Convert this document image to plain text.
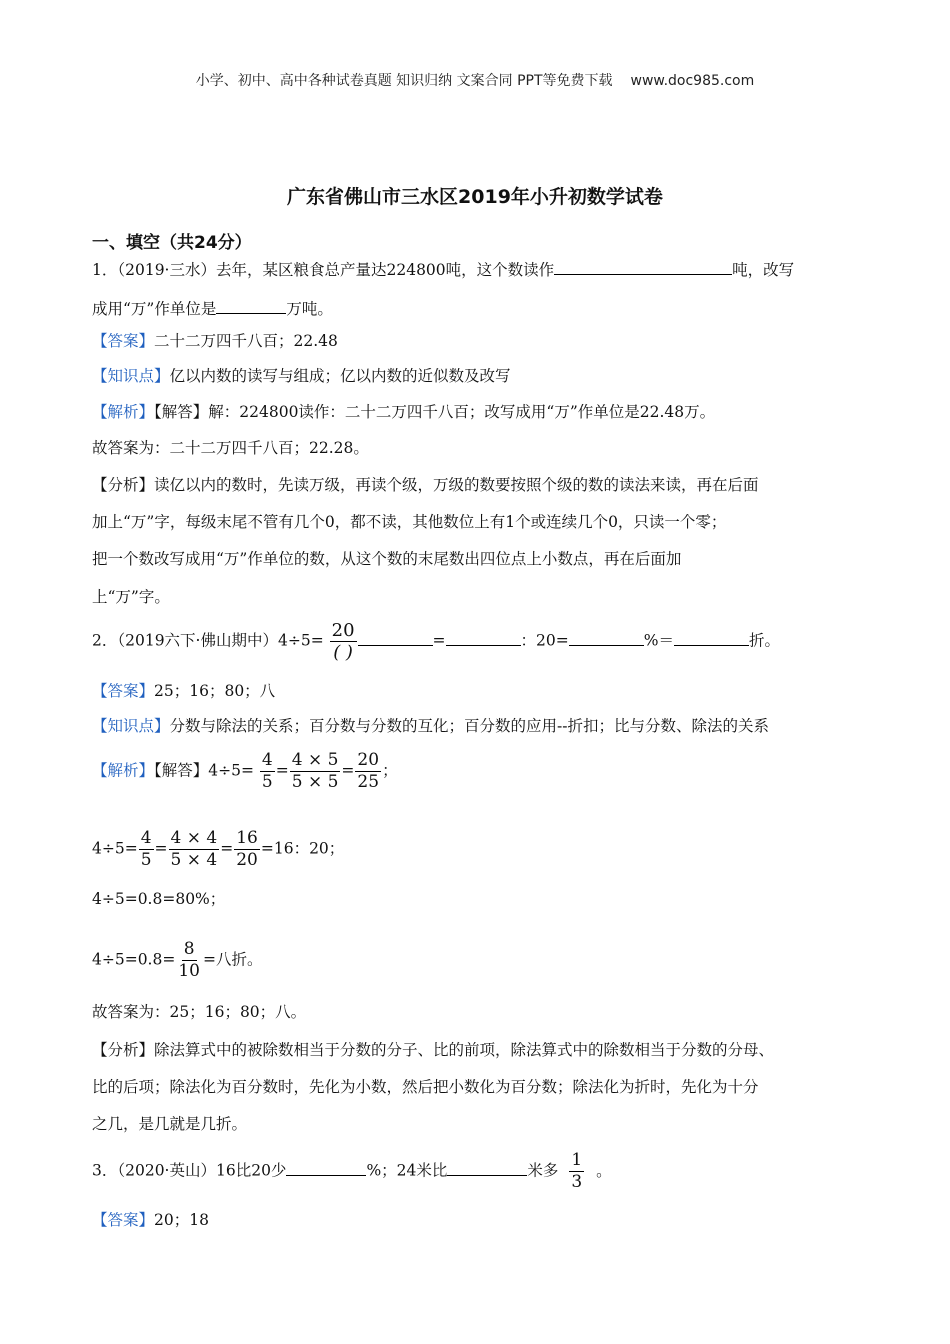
小学、初中、高中各种试卷真题 知识归纳 文案合同 PPT等免费下载 www.doc985.com
广东省佛山市三水区2019年小升初数学试卷
一、填空（共24分）
1．（2019·三水）去年，某区粮食总产量达224800吨，这个数读作	吨，改写
成用“万”作单位是	万吨。
【答案】二十二万四千八百；22.48
【知识点】亿以内数的读写与组成；亿以内数的近似数及改写
【解析】【解答】解：224800读作：二十二万四千八百；改写成用“万”作单位是22.48万。
故答案为：二十二万四千八百；22.28。
【分析】读亿以内的数时，先读万级，再读个级，万级的数要按照个级的数的读法来读，再在后面
加上“万”字，每级末尾不管有几个0，都不读，其他数位上有1个或连续几个0，只读一个零；
把一个数改写成用“万”作单位的数，从这个数的末尾数出四位点上小数点，再在后面加
上“万”字。
2．（2019六下·佛山期中）$4\div 5= \frac{20}{( )}$	=	：20=	%＝	折。
【答案】25；16；80；八
【知识点】分数与除法的关系；百分数与分数的互化；百分数的应用--折扣；比与分数、除法的关系
【解析】【解答】$4\div 5= \frac{4}{5} = \frac{4 \times 5}{5 \times 5} = \frac{20}{25}$ ；
$4\div 5= \frac{4}{5} = \frac{4 \times 4}{5 \times 4} = \frac{16}{20} =16$：20；
4÷5=0.8=80%；
$4\div 5=0.8= \frac{8}{10}$ =八折。
故答案为：25；16；80；八。
【分析】除法算式中的被除数相当于分数的分子、比的前项，除法算式中的除数相当于分数的分母、
比的后项；除法化为百分数时，先化为小数，然后把小数化为百分数；除法化为折时，先化为十分
之几，是几就是几折。
3．（2020·英山）16比20少	%；24米比	米多 $\frac{1}{3}$ 。
【答案】20；18
